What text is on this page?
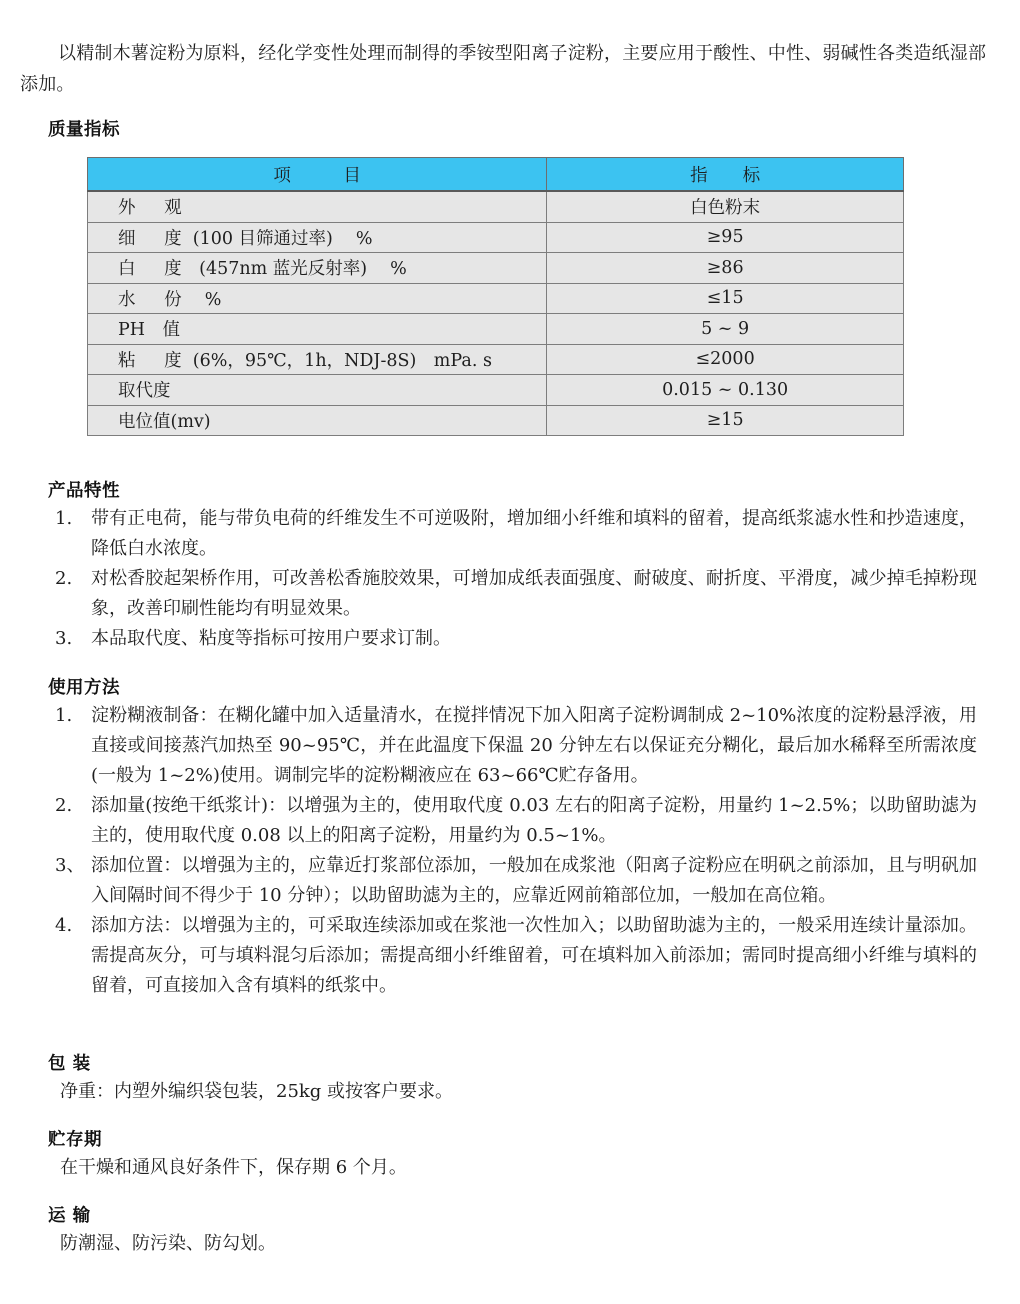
以精制木薯淀粉为原料，经化学变性处理而制得的季铵型阳离子淀粉，主要应用于酸性、中性、弱碱性各类造纸湿部添加。

质量指标
项　　　目	指　　标
外　  观	白色粉末
细　  度  (100 目筛通过率)　 %	≥95
白　  度　(457nm 蓝光反射率)　 %	≥86
水　  份　 %	≤15
PH　值	5 ~ 9
粘　  度  (6%，95℃，1h，NDJ-8S)　mPa. s	≤2000
取代度	0.015 ~ 0.130
电位值(mv)	≥15
产品特性
1.	带有正电荷，能与带负电荷的纤维发生不可逆吸附，增加细小纤维和填料的留着，提高纸浆滤水性和抄造速度，降低白水浓度。
2.	对松香胶起架桥作用，可改善松香施胶效果，可增加成纸表面强度、耐破度、耐折度、平滑度，减少掉毛掉粉现象，改善印刷性能均有明显效果。
3.	本品取代度、粘度等指标可按用户要求订制。
使用方法
1.	淀粉糊液制备：在糊化罐中加入适量清水，在搅拌情况下加入阳离子淀粉调制成 2~10%浓度的淀粉悬浮液，用直接或间接蒸汽加热至 90~95℃，并在此温度下保温 20 分钟左右以保证充分糊化，最后加水稀释至所需浓度(一般为 1~2%)使用。调制完毕的淀粉糊液应在 63~66℃贮存备用。
2.	添加量(按绝干纸浆计)：以增强为主的，使用取代度 0.03 左右的阳离子淀粉，用量约 1~2.5%；以助留助滤为主的，使用取代度 0.08 以上的阳离子淀粉，用量约为 0.5~1%。
3、 添加位置：以增强为主的，应靠近打浆部位添加，一般加在成浆池（阳离子淀粉应在明矾之前添加，且与明矾加入间隔时间不得少于 10 分钟）；以助留助滤为主的，应靠近网前箱部位加，一般加在高位箱。
4.	添加方法：以增强为主的，可采取连续添加或在浆池一次性加入；以助留助滤为主的，一般采用连续计量添加。需提高灰分，可与填料混匀后添加；需提高细小纤维留着，可在填料加入前添加；需同时提高细小纤维与填料的留着，可直接加入含有填料的纸浆中。
包 装
净重：内塑外编织袋包装，25kg 或按客户要求。
贮存期
在干燥和通风良好条件下，保存期 6 个月。
运 输
防潮湿、防污染、防勾划。
